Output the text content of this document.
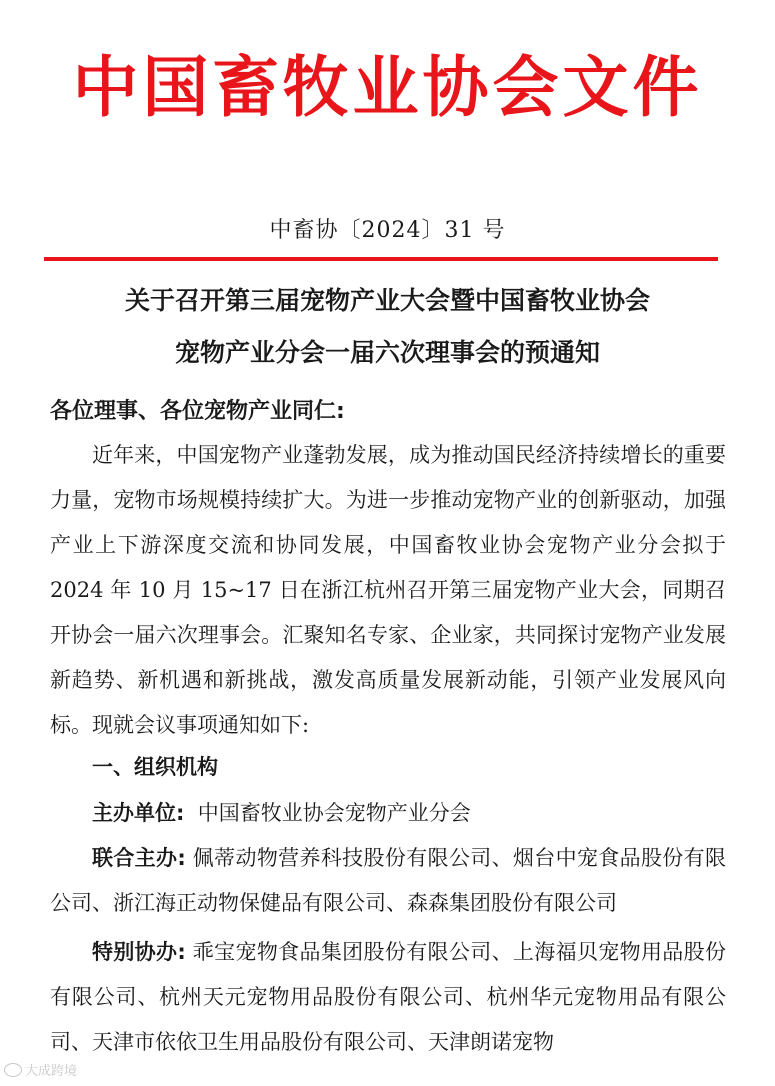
中国畜牧业协会文件
中畜协〔2024〕31 号
关于召开第三届宠物产业大会暨中国畜牧业协会
宠物产业分会一届六次理事会的预通知
各位理事、各位宠物产业同仁:

近年来，中国宠物产业蓬勃发展，成为推动国民经济持续增长的重要力量，宠物市场规模持续扩大。为进一步推动宠物产业的创新驱动，加强产业上下游深度交流和协同发展，中国畜牧业协会宠物产业分会拟于 2024 年 10 月 15~17 日在浙江杭州召开第三届宠物产业大会，同期召开协会一届六次理事会。汇聚知名专家、企业家，共同探讨宠物产业发展新趋势、新机遇和新挑战，激发高质量发展新动能，引领产业发展风向标。现就会议事项通知如下:

一、组织机构

主办单位: 中国畜牧业协会宠物产业分会

联合主办: 佩蒂动物营养科技股份有限公司、烟台中宠食品股份有限公司、浙江海正动物保健品有限公司、森森集团股份有限公司

特别协办: 乖宝宠物食品集团股份有限公司、上海福贝宠物用品股份有限公司、杭州天元宠物用品股份有限公司、杭州华元宠物用品有限公司、天津市依依卫生用品股份有限公司、天津朗诺宠物

大成跨境
